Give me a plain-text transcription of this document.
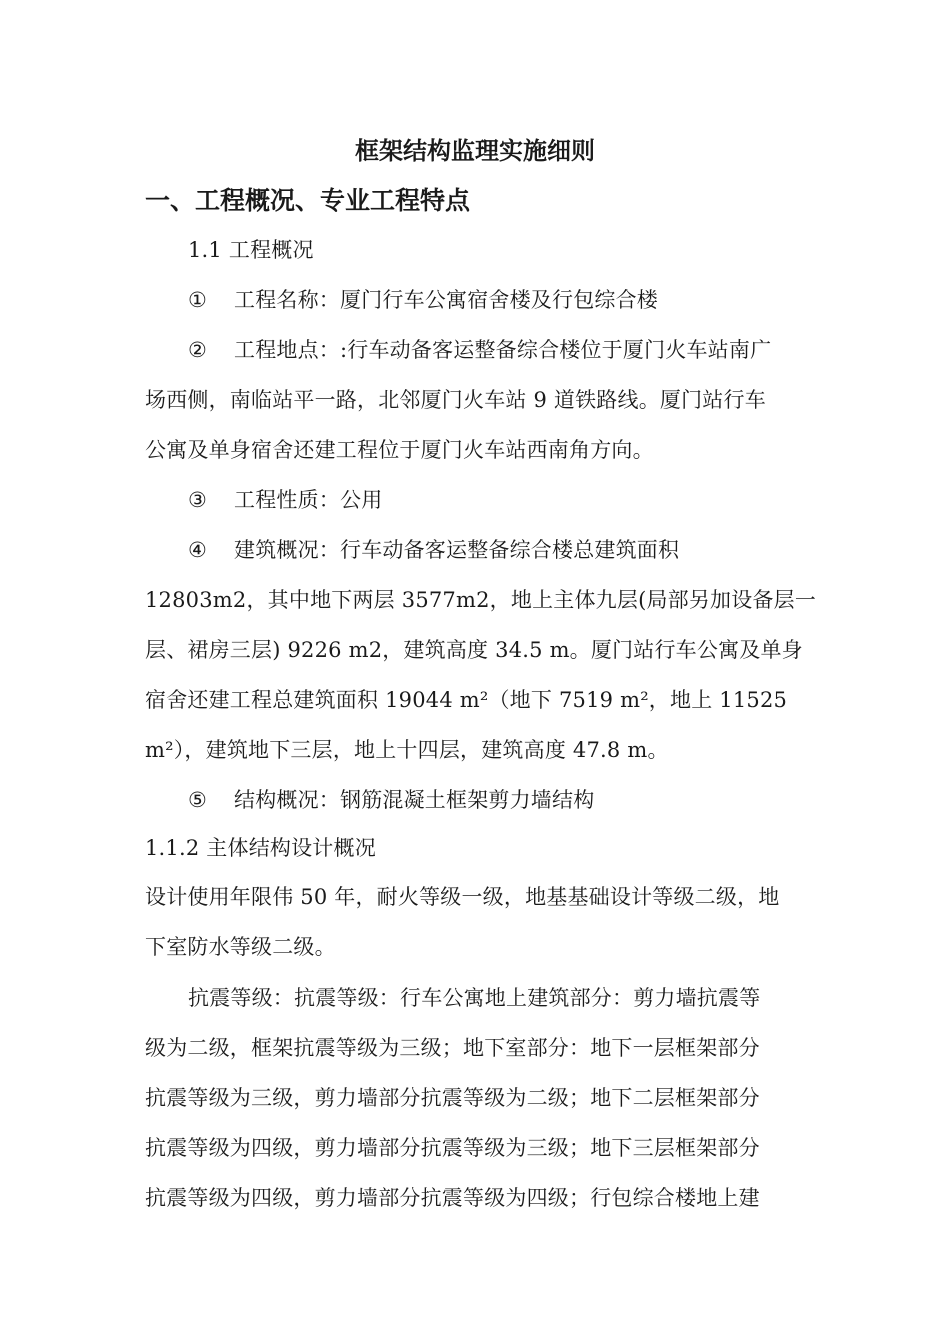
框架结构监理实施细则
一、工程概况、专业工程特点
1.1 工程概况
① 工程名称：厦门行车公寓宿舍楼及行包综合楼
② 工程地点：:行车动备客运整备综合楼位于厦门火车站南广
场西侧，南临站平一路，北邻厦门火车站 9 道铁路线。厦门站行车
公寓及单身宿舍还建工程位于厦门火车站西南角方向。
③ 工程性质：公用
④ 建筑概况：行车动备客运整备综合楼总建筑面积
12803m2，其中地下两层 3577m2，地上主体九层(局部另加设备层一
层、裙房三层) 9226 m2，建筑高度 34.5 m。厦门站行车公寓及单身
宿舍还建工程总建筑面积 19044 m²（地下 7519 m²，地上 11525
m²），建筑地下三层，地上十四层，建筑高度 47.8 m。
⑤ 结构概况：钢筋混凝土框架剪力墙结构
1.1.2 主体结构设计概况
设计使用年限伟 50 年，耐火等级一级，地基基础设计等级二级，地
下室防水等级二级。
抗震等级：抗震等级：行车公寓地上建筑部分：剪力墙抗震等
级为二级，框架抗震等级为三级；地下室部分：地下一层框架部分
抗震等级为三级，剪力墙部分抗震等级为二级；地下二层框架部分
抗震等级为四级，剪力墙部分抗震等级为三级；地下三层框架部分
抗震等级为四级，剪力墙部分抗震等级为四级；行包综合楼地上建
